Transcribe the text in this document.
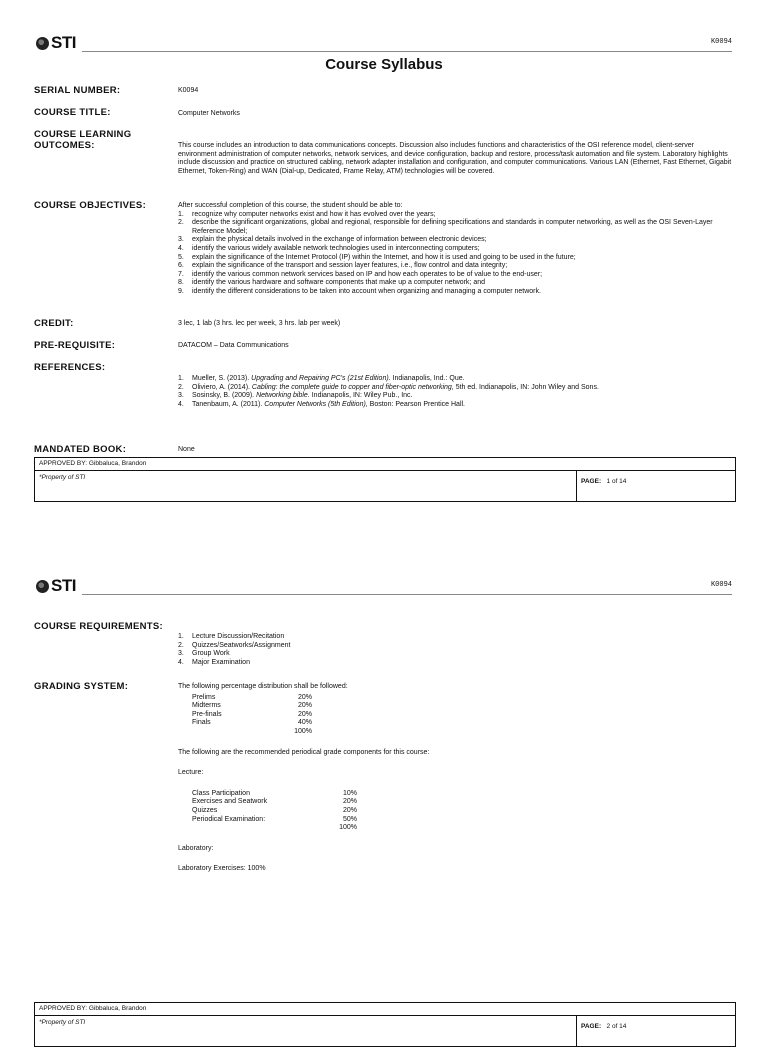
STI	K0094
Course Syllabus
SERIAL NUMBER:	K0094
COURSE TITLE:	Computer Networks
COURSE LEARNING OUTCOMES:	This course includes an introduction to data communications concepts. Discussion also includes functions and characteristics of the OSI reference model, client-server environment administration of computer networks, network services, and device configuration, backup and restore, process/task automation and file system. Laboratory highlights include discussion and practice on structured cabling, network adapter installation and configuration, and computer communications. Various LAN (Ethernet, Fast Ethernet, Gigabit Ethernet, Token-Ring) and WAN (Dial-up, Dedicated, Frame Relay, ATM) technologies will be covered.
COURSE OBJECTIVES:	After successful completion of this course, the student should be able to:
1. recognize why computer networks exist and how it has evolved over the years;
2. describe the significant organizations, global and regional, responsible for defining specifications and standards in computer networking, as well as the OSI Seven-Layer Reference Model;
3. explain the physical details involved in the exchange of information between electronic devices;
4. identify the various widely available network technologies used in interconnecting computers;
5. explain the significance of the Internet Protocol (IP) within the Internet, and how it is used and going to be used in the future;
6. explain the significance of the transport and session layer features, i.e., flow control and data integrity;
7. identify the various common network services based on IP and how each operates to be of value to the end-user;
8. identify the various hardware and software components that make up a computer network; and
9. identify the different considerations to be taken into account when organizing and managing a computer network.
CREDIT:	3 lec, 1 lab (3 hrs. lec per week, 3 hrs. lab per week)
PRE-REQUISITE:	DATACOM – Data Communications
REFERENCES:
1. Mueller, S. (2013). Upgrading and Repairing PC's (21st Edition). Indianapolis, Ind.: Que.
2. Oliviero, A. (2014). Cabling: the complete guide to copper and fiber-optic networking, 5th ed. Indianapolis, IN: John Wiley and Sons.
3. Sosinsky, B. (2009). Networking bible. Indianapolis, IN: Wiley Pub., Inc.
4. Tanenbaum, A. (2011). Computer Networks (5th Edition), Boston: Pearson Prentice Hall.
MANDATED BOOK:	None
APPROVED BY: Gibbaluca, Brandon
*Property of STI
PAGE: 1 of 14
STI	K0094
COURSE REQUIREMENTS:
1. Lecture Discussion/Recitation
2. Quizzes/Seatworks/Assignment
3. Group Work
4. Major Examination
GRADING SYSTEM:	The following percentage distribution shall be followed:
Prelims	20%
Midterms	20%
Pre-finals	20%
Finals	40%
100%
The following are the recommended periodical grade components for this course:
Lecture:
Class Participation	10%
Exercises and Seatwork	20%
Quizzes	20%
Periodical Examination:	50%
100%
Laboratory:
Laboratory Exercises: 100%
APPROVED BY: Gibbaluca, Brandon
*Property of STI
PAGE: 2 of 14
